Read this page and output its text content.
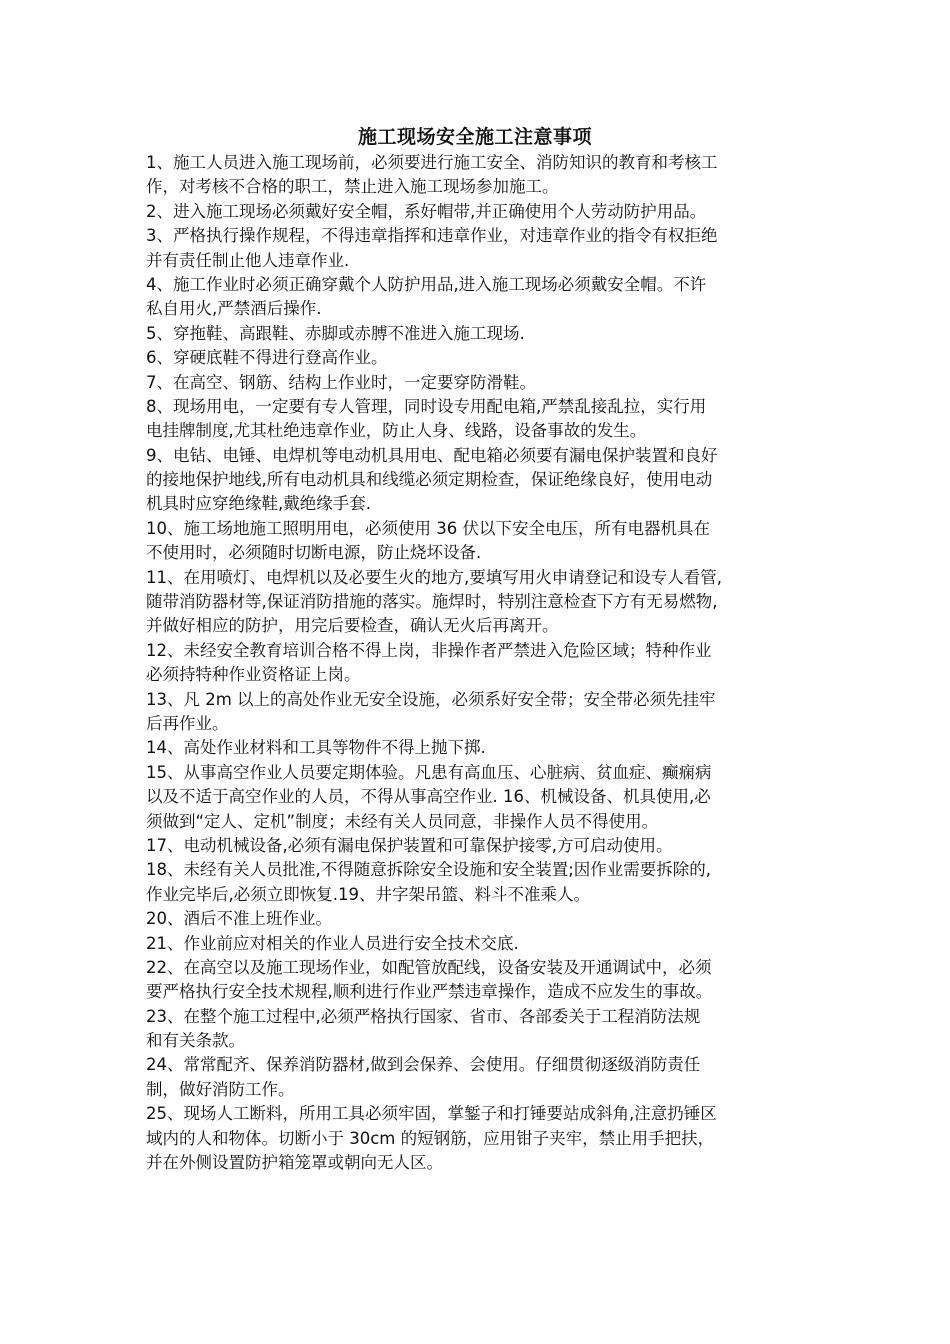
施工现场安全施工注意事项
1、施工人员进入施工现场前，必须要进行施工安全、消防知识的教育和考核工
作，对考核不合格的职工，禁止进入施工现场参加施工。
2、进入施工现场必须戴好安全帽，系好帽带,并正确使用个人劳动防护用品。
3、严格执行操作规程，不得违章指挥和违章作业，对违章作业的指令有权拒绝
并有责任制止他人违章作业.
4、施工作业时必须正确穿戴个人防护用品,进入施工现场必须戴安全帽。不许
私自用火,严禁酒后操作.
5、穿拖鞋、高跟鞋、赤脚或赤膊不准进入施工现场.
6、穿硬底鞋不得进行登高作业。
7、在高空、钢筋、结构上作业时，一定要穿防滑鞋。
8、现场用电，一定要有专人管理，同时设专用配电箱,严禁乱接乱拉，实行用
电挂牌制度,尤其杜绝违章作业，防止人身、线路，设备事故的发生。
9、电钻、电锤、电焊机等电动机具用电、配电箱必须要有漏电保护装置和良好
的接地保护地线,所有电动机具和线缆必须定期检查，保证绝缘良好，使用电动
机具时应穿绝缘鞋,戴绝缘手套.
10、施工场地施工照明用电，必须使用 36 伏以下安全电压，所有电器机具在
不使用时，必须随时切断电源，防止烧坏设备.
11、在用喷灯、电焊机以及必要生火的地方,要填写用火申请登记和设专人看管,
随带消防器材等,保证消防措施的落实。施焊时，特别注意检查下方有无易燃物,
并做好相应的防护，用完后要检查，确认无火后再离开。
12、未经安全教育培训合格不得上岗，非操作者严禁进入危险区域；特种作业
必须持特种作业资格证上岗。
13、凡 2m 以上的高处作业无安全设施，必须系好安全带；安全带必须先挂牢
后再作业。
14、高处作业材料和工具等物件不得上抛下掷.
15、从事高空作业人员要定期体验。凡患有高血压、心脏病、贫血症、癫痫病
以及不适于高空作业的人员，不得从事高空作业. 16、机械设备、机具使用,必
须做到“定人、定机”制度；未经有关人员同意，非操作人员不得使用。
17、电动机械设备,必须有漏电保护装置和可靠保护接零,方可启动使用。
18、未经有关人员批准,不得随意拆除安全设施和安全装置;因作业需要拆除的,
作业完毕后,必须立即恢复.19、井字架吊篮、料斗不准乘人。
20、酒后不准上班作业。
21、作业前应对相关的作业人员进行安全技术交底.
22、在高空以及施工现场作业，如配管放配线，设备安装及开通调试中，必须
要严格执行安全技术规程,顺利进行作业严禁违章操作，造成不应发生的事故。
23、在整个施工过程中,必须严格执行国家、省市、各部委关于工程消防法规
和有关条款。
24、常常配齐、保养消防器材,做到会保养、会使用。仔细贯彻逐级消防责任
制，做好消防工作。
25、现场人工断料，所用工具必须牢固，掌錾子和打锤要站成斜角,注意扔锤区
域内的人和物体。切断小于 30cm 的短钢筋，应用钳子夹牢，禁止用手把扶，
并在外侧设置防护箱笼罩或朝向无人区。
